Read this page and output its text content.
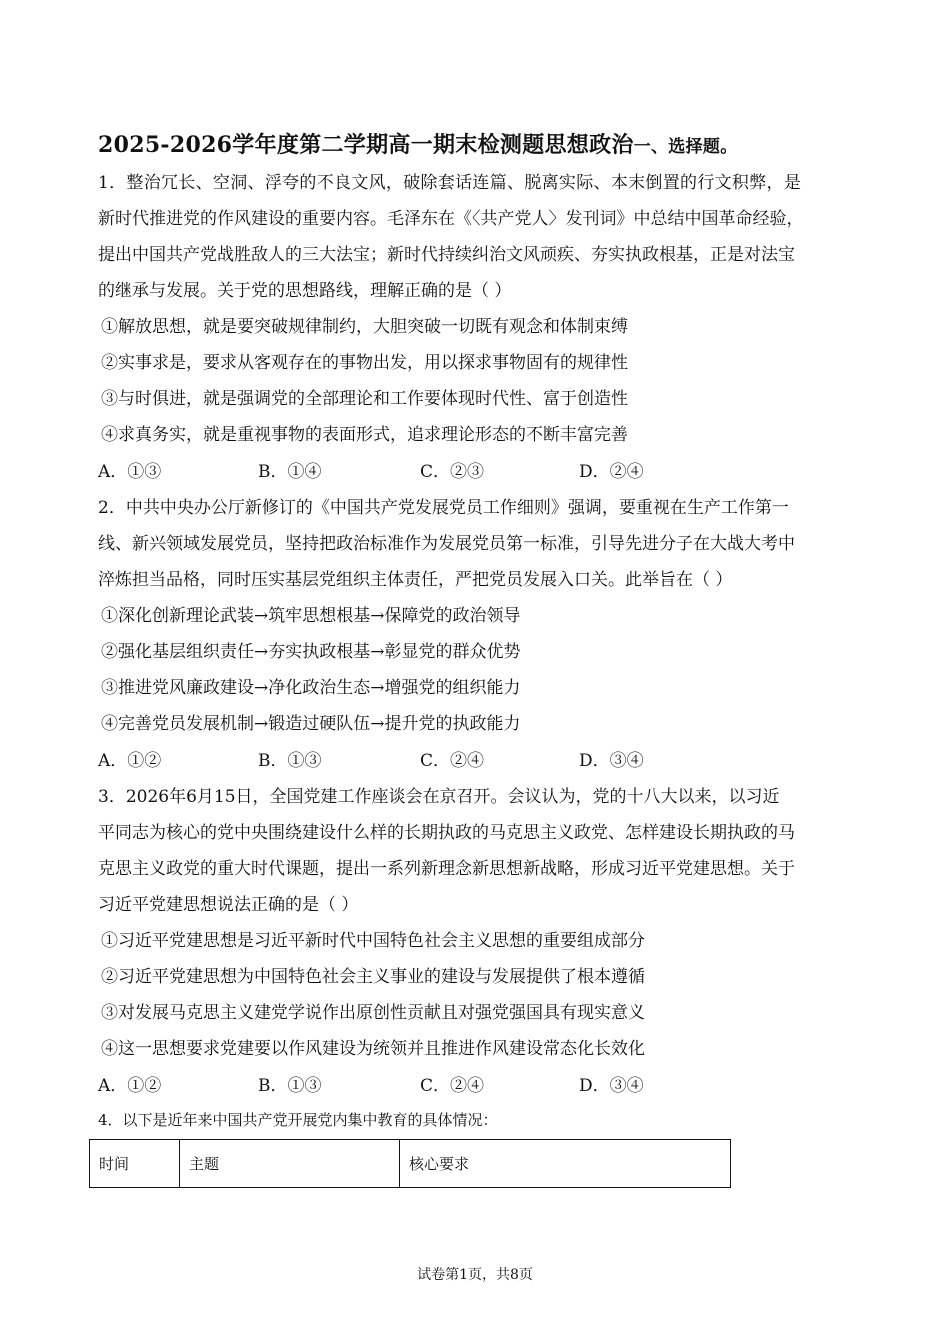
2025-2026学年度第二学期高一期末检测题思想政治一、选择题。
1．整治冗长、空洞、浮夸的不良文风，破除套话连篇、脱离实际、本末倒置的行文积弊，是
新时代推进党的作风建设的重要内容。毛泽东在《〈共产党人〉发刊词》中总结中国革命经验，
提出中国共产党战胜敌人的三大法宝；新时代持续纠治文风顽疾、夯实执政根基，正是对法宝
的继承与发展。关于党的思想路线，理解正确的是（ ）
①解放思想，就是要突破规律制约，大胆突破一切既有观念和体制束缚
②实事求是，要求从客观存在的事物出发，用以探求事物固有的规律性
③与时俱进，就是强调党的全部理论和工作要体现时代性、富于创造性
④求真务实，就是重视事物的表面形式，追求理论形态的不断丰富完善
A．①③	B．①④	C．②③	D．②④
2．中共中央办公厅新修订的《中国共产党发展党员工作细则》强调，要重视在生产工作第一
线、新兴领域发展党员，坚持把政治标准作为发展党员第一标准，引导先进分子在大战大考中
淬炼担当品格，同时压实基层党组织主体责任，严把党员发展入口关。此举旨在（ ）
①深化创新理论武装→筑牢思想根基→保障党的政治领导
②强化基层组织责任→夯实执政根基→彰显党的群众优势
③推进党风廉政建设→净化政治生态→增强党的组织能力
④完善党员发展机制→锻造过硬队伍→提升党的执政能力
A．①②	B．①③	C．②④	D．③④
3．2026年6月15日，全国党建工作座谈会在京召开。会议认为，党的十八大以来，以习近
平同志为核心的党中央围绕建设什么样的长期执政的马克思主义政党、怎样建设长期执政的马
克思主义政党的重大时代课题，提出一系列新理念新思想新战略，形成习近平党建思想。关于
习近平党建思想说法正确的是（ ）
①习近平党建思想是习近平新时代中国特色社会主义思想的重要组成部分
②习近平党建思想为中国特色社会主义事业的建设与发展提供了根本遵循
③对发展马克思主义建党学说作出原创性贡献且对强党强国具有现实意义
④这一思想要求党建要以作风建设为统领并且推进作风建设常态化长效化
A．①②	B．①③	C．②④	D．③④
4．以下是近年来中国共产党开展党内集中教育的具体情况：
时间	主题	核心要求
试卷第1页，共8页
